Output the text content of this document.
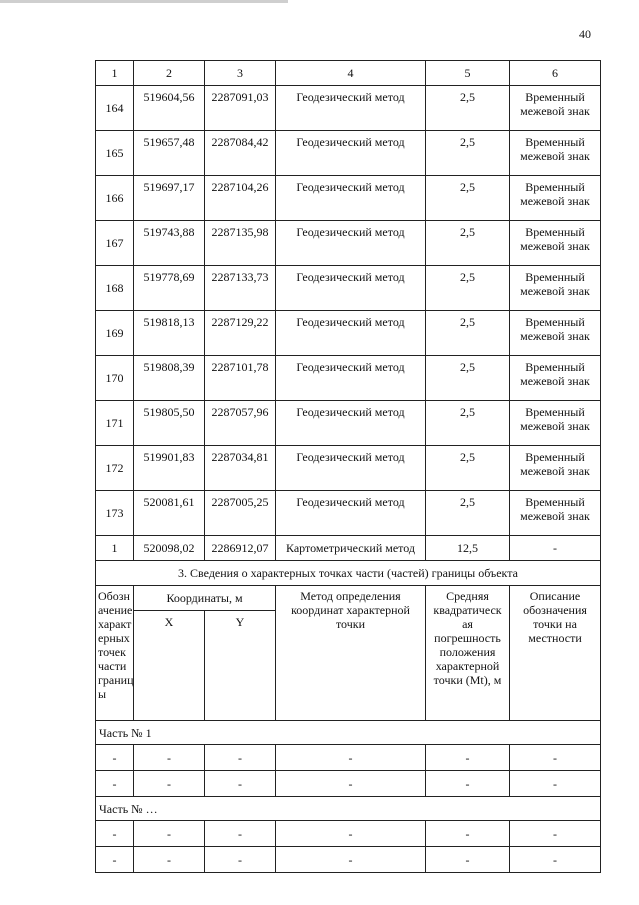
40
1	2	3	4	5	6
164	519604,56	2287091,03	Геодезический метод	2,5	Временный межевой знак
165	519657,48	2287084,42	Геодезический метод	2,5	Временный межевой знак
166	519697,17	2287104,26	Геодезический метод	2,5	Временный межевой знак
167	519743,88	2287135,98	Геодезический метод	2,5	Временный межевой знак
168	519778,69	2287133,73	Геодезический метод	2,5	Временный межевой знак
169	519818,13	2287129,22	Геодезический метод	2,5	Временный межевой знак
170	519808,39	2287101,78	Геодезический метод	2,5	Временный межевой знак
171	519805,50	2287057,96	Геодезический метод	2,5	Временный межевой знак
172	519901,83	2287034,81	Геодезический метод	2,5	Временный межевой знак
173	520081,61	2287005,25	Геодезический метод	2,5	Временный межевой знак
1	520098,02	2286912,07	Картометрический метод	12,5	-
3. Сведения о характерных точках части (частей) границы объекта					
Обозн ачение характ ерных точек части границ ы	Координаты, м		Метод определения координат характерной точки	Средняя квадратическ ая погрешность положения характерной точки (Mt), м	Описание обозначения точки на местности
	X	Y			
Часть № 1					
-	-	-	-	-	-
-	-	-	-	-	-
Часть № …					
-	-	-	-	-	-
-	-	-	-	-	-
